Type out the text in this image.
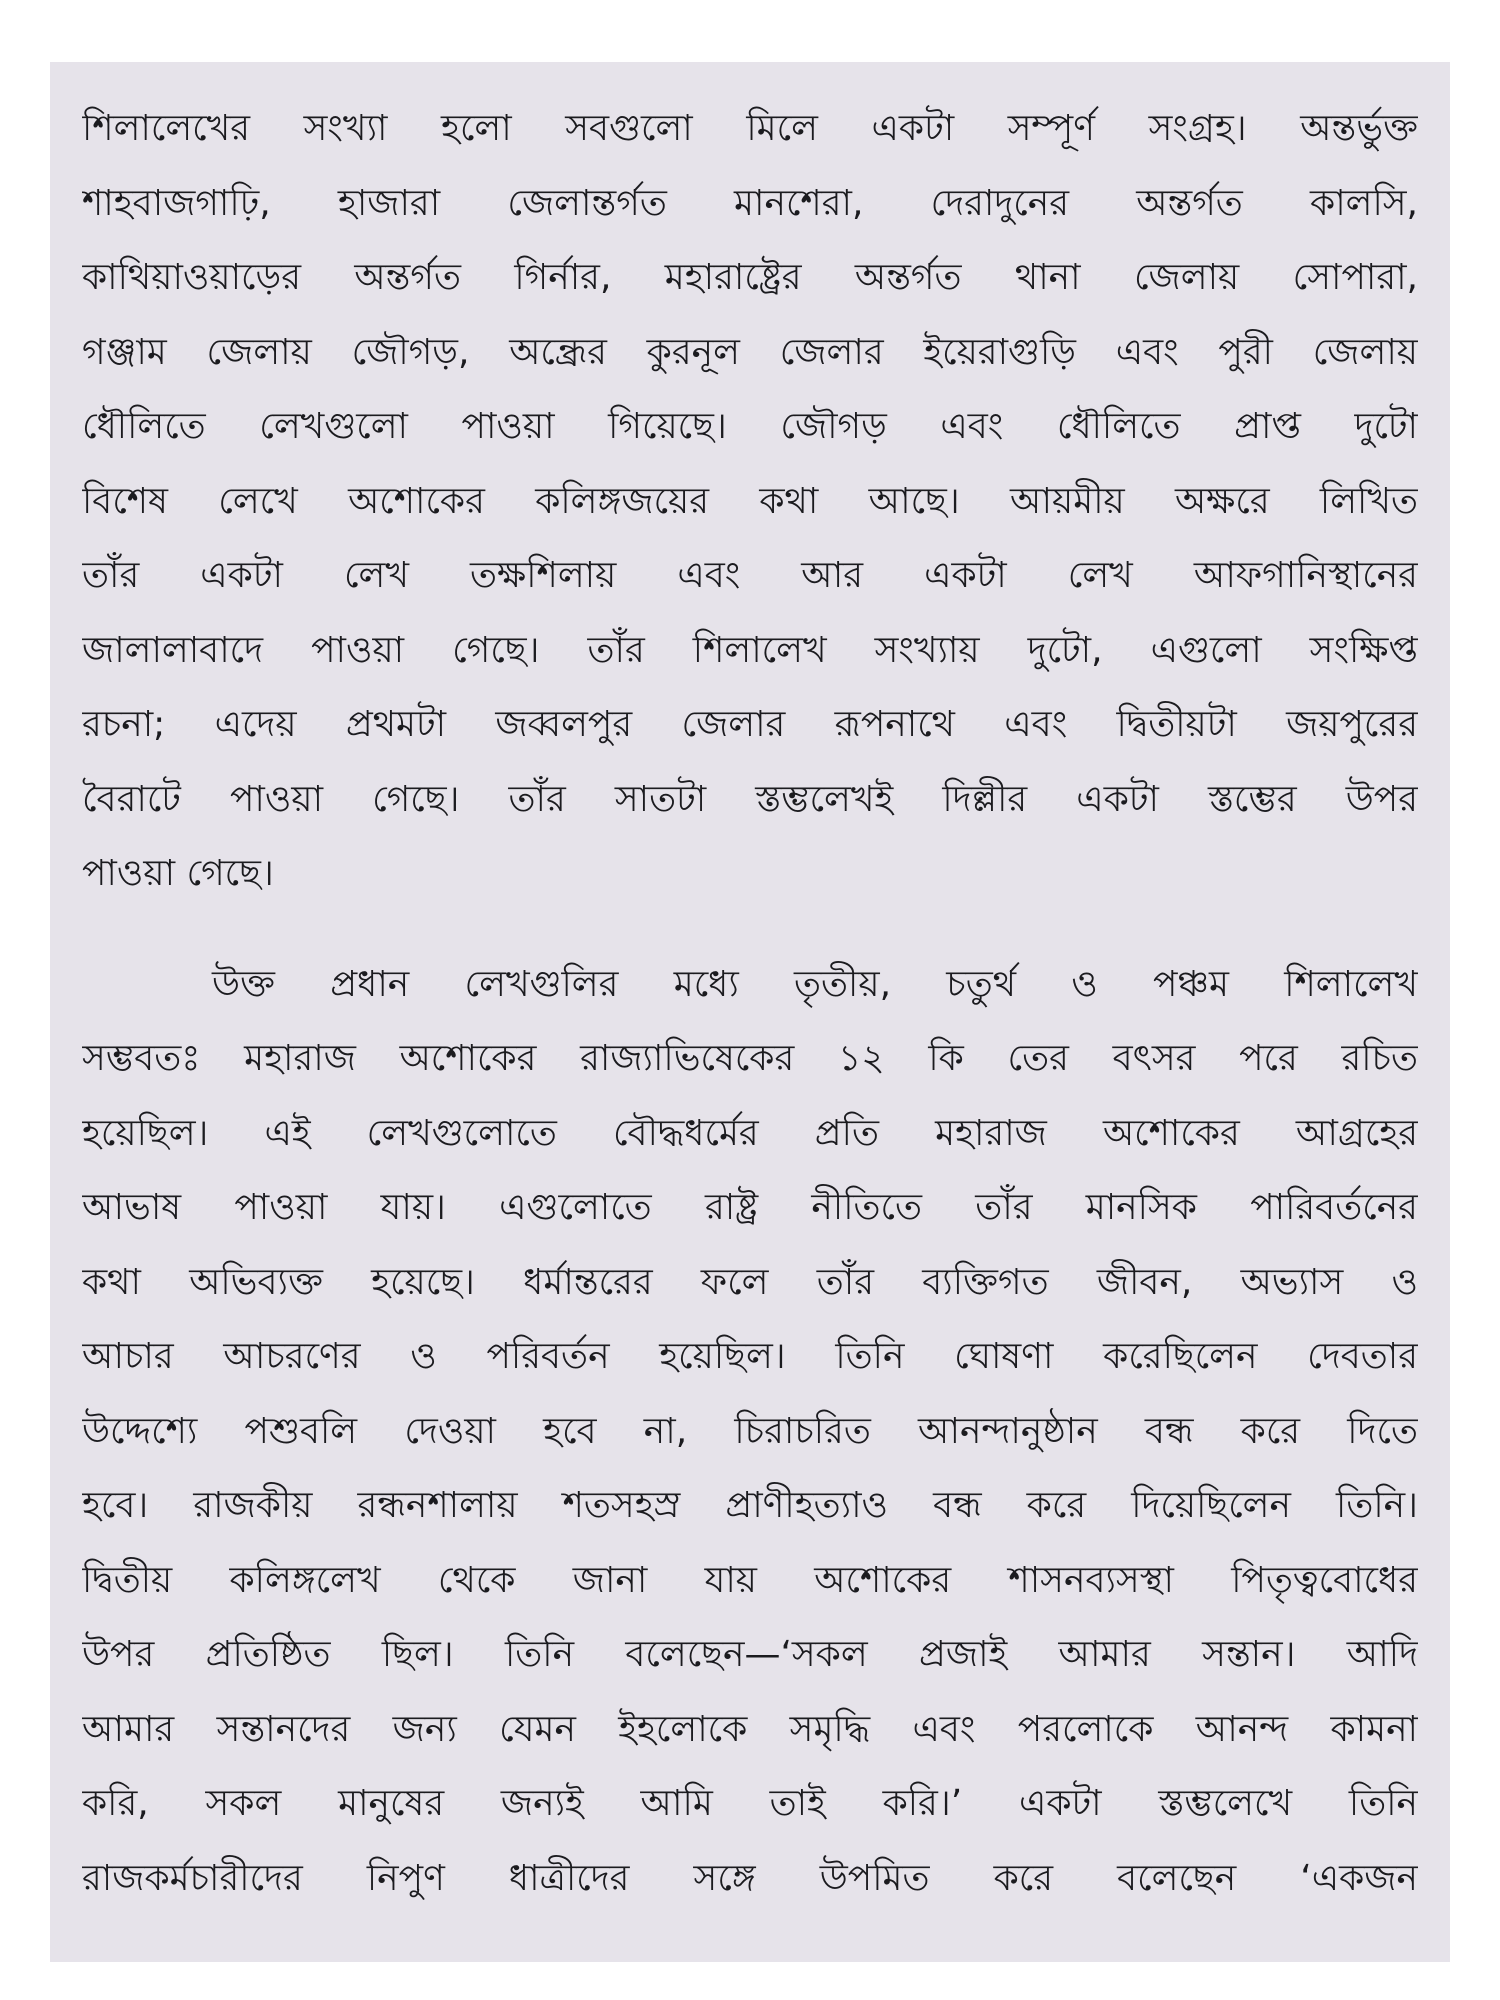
শিলালেখের সংখ্যা হলো সবগুলো মিলে একটা সম্পূর্ণ সংগ্রহ। অন্তর্ভুক্ত
শাহবাজগাঢ়ি, হাজারা জেলান্তর্গত মানশেরা, দেরাদুনের অন্তর্গত কালসি,
কাথিয়াওয়াড়ের অন্তর্গত গির্নার, মহারাষ্ট্রের অন্তর্গত থানা জেলায় সোপারা,
গঞ্জাম জেলায় জৌগড়, অন্ধ্রের কুরনূল জেলার ইয়েরাগুড়ি এবং পুরী জেলায়
ধৌলিতে লেখগুলো পাওয়া গিয়েছে। জৌগড় এবং ধৌলিতে প্রাপ্ত দুটো
বিশেষ লেখে অশোকের কলিঙ্গজয়ের কথা আছে। আয়মীয় অক্ষরে লিখিত
তাঁর একটা লেখ তক্ষশিলায় এবং আর একটা লেখ আফগানিস্থানের
জালালাবাদে পাওয়া গেছে। তাঁর শিলালেখ সংখ্যায় দুটো, এগুলো সংক্ষিপ্ত
রচনা; এদেয় প্রথমটা জব্বলপুর জেলার রূপনাথে এবং দ্বিতীয়টা জয়পুরের
বৈরাটে পাওয়া গেছে। তাঁর সাতটা স্তম্ভলেখই দিল্লীর একটা স্তম্ভের উপর
পাওয়া গেছে।
উক্ত প্রধান লেখগুলির মধ্যে তৃতীয়, চতুর্থ ও পঞ্চম শিলালেখ
সম্ভবতঃ মহারাজ অশোকের রাজ্যাভিষেকের ১২ কি তের বৎসর পরে রচিত
হয়েছিল। এই লেখগুলোতে বৌদ্ধধর্মের প্রতি মহারাজ অশোকের আগ্রহের
আভাষ পাওয়া যায়। এগুলোতে রাষ্ট্র নীতিতে তাঁর মানসিক পারিবর্তনের
কথা অভিব্যক্ত হয়েছে। ধর্মান্তরের ফলে তাঁর ব্যক্তিগত জীবন, অভ্যাস ও
আচার আচরণের ও পরিবর্তন হয়েছিল। তিনি ঘোষণা করেছিলেন দেবতার
উদ্দেশ্যে পশুবলি দেওয়া হবে না, চিরাচরিত আনন্দানুষ্ঠান বন্ধ করে দিতে
হবে। রাজকীয় রন্ধনশালায় শতসহস্র প্রাণীহত্যাও বন্ধ করে দিয়েছিলেন তিনি।
দ্বিতীয় কলিঙ্গলেখ থেকে জানা যায় অশোকের শাসনব্যসস্থা পিতৃত্ববোধের
উপর প্রতিষ্ঠিত ছিল। তিনি বলেছেন—‘সকল প্রজাই আমার সন্তান। আদি
আমার সন্তানদের জন্য যেমন ইহলোকে সমৃদ্ধি এবং পরলোকে আনন্দ কামনা
করি, সকল মানুষের জন্যই আমি তাই করি।’ একটা স্তম্ভলেখে তিনি
রাজকর্মচারীদের নিপুণ ধাত্রীদের সঙ্গে উপমিত করে বলেছেন ‘একজন
